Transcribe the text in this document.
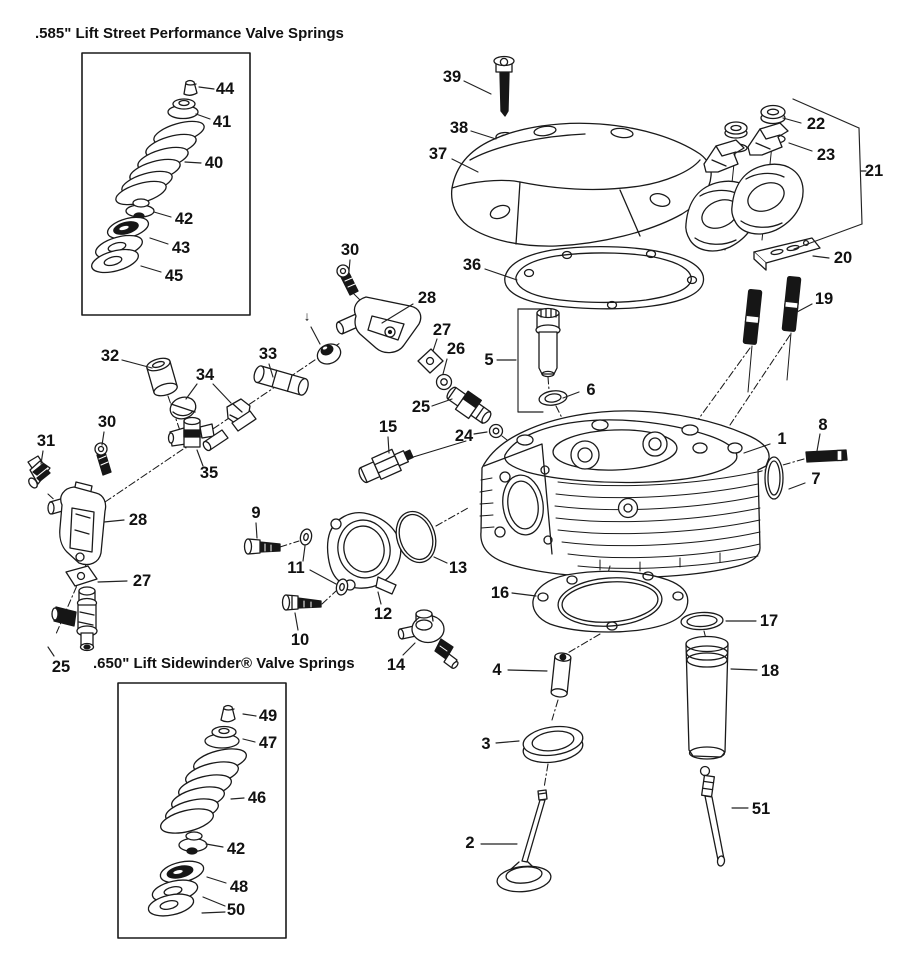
.585" Lift Street Performance Valve Springs
.650" Lift Sidewinder® Valve Springs
44
41
40
42
43
45
39
38
37
36
30
28
27
26
25
24
15
5
6
22
23
21
20
19
1
8
7
32
34
33
30
31
35
28
27
25
9
11
12
10
13
14
16
17
18
4
3
2
51
49
47
46
42
48
50
↓
